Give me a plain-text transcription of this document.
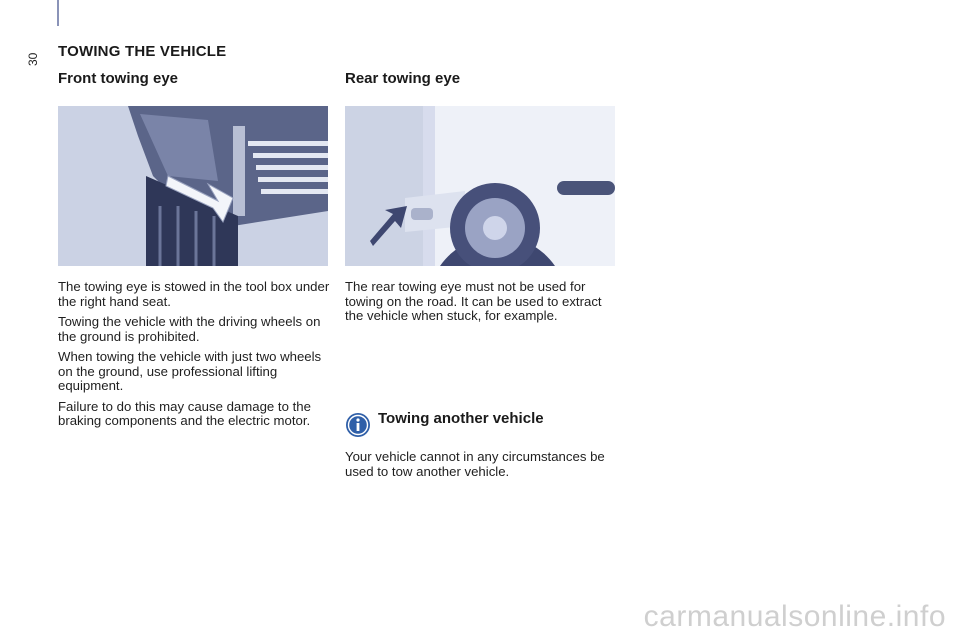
30 TOWING THE VEHICLE
Front towing eye	Rear towing eye

The towing eye is stowed in the tool box under the right hand seat.

Towing the vehicle with the driving wheels on the ground is prohibited.

When towing the vehicle with just two wheels on the ground, use professional lifting equipment.

Failure to do this may cause damage to the braking components and the electric motor.

The rear towing eye must not be used for towing on the road. It can be used to extract the vehicle when stuck, for example.

Towing another vehicle

Your vehicle cannot in any circumstances be used to tow another vehicle.

carmanualsonline.info
